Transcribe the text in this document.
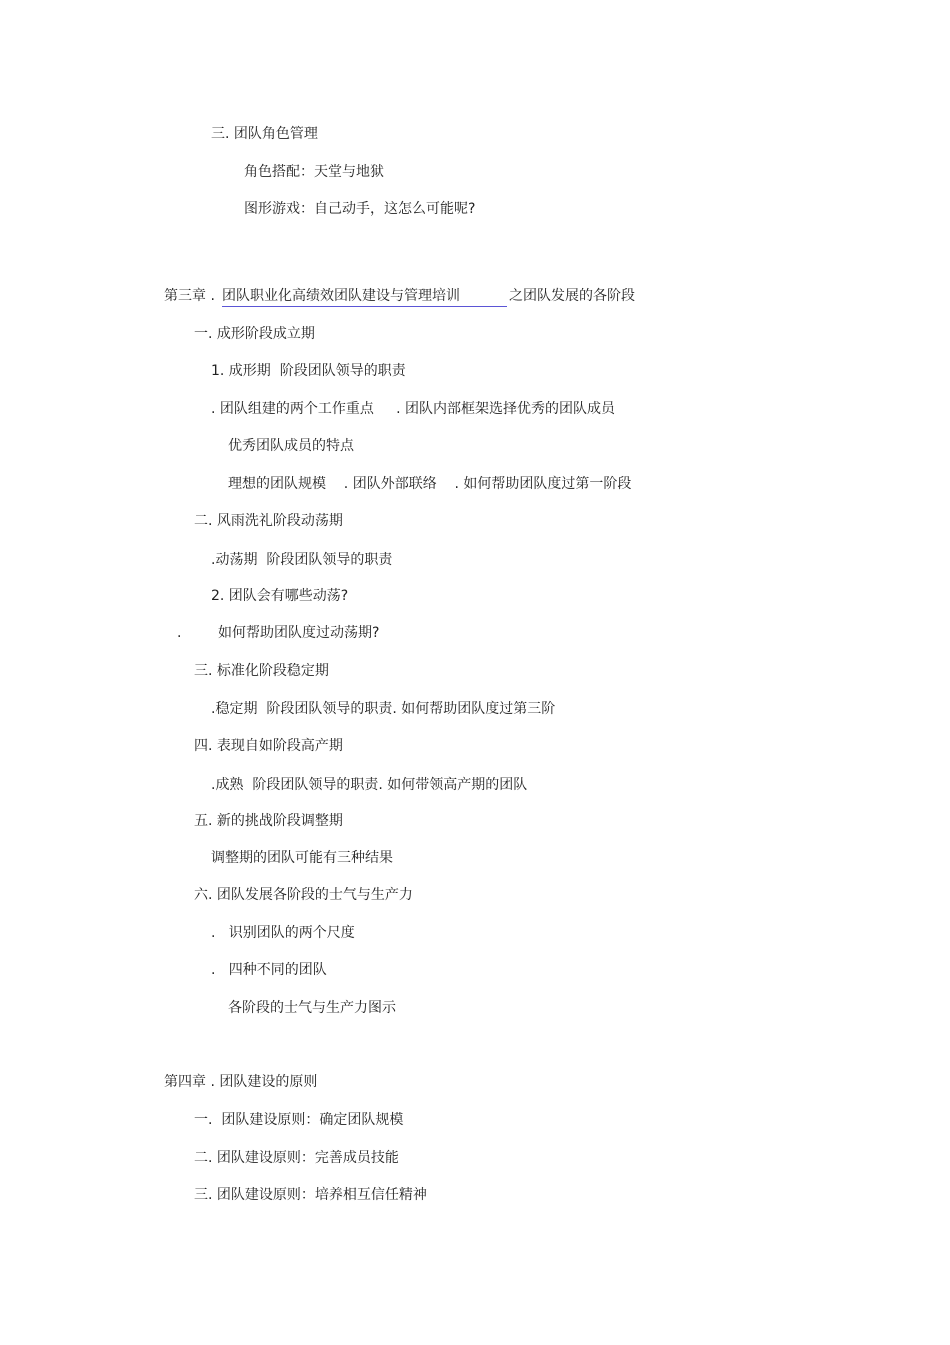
三. 团队角色管理
角色搭配：天堂与地狱
图形游戏：自己动手，这怎么可能呢?
第三章 . 团队职业化高绩效团队建设与管理培训	之团队发展的各阶段
一. 成形阶段成立期
1. 成形期  阶段团队领导的职责
. 团队组建的两个工作重点     . 团队内部框架选择优秀的团队成员
优秀团队成员的特点
理想的团队规模    . 团队外部联络    . 如何帮助团队度过第一阶段
二. 风雨洗礼阶段动荡期
.动荡期  阶段团队领导的职责
2. 团队会有哪些动荡?
.	如何帮助团队度过动荡期?
三. 标准化阶段稳定期
.稳定期  阶段团队领导的职责. 如何帮助团队度过第三阶
四. 表现自如阶段高产期
.成熟  阶段团队领导的职责. 如何带领高产期的团队
五. 新的挑战阶段调整期
调整期的团队可能有三种结果
六. 团队发展各阶段的士气与生产力
.   识别团队的两个尺度
.   四种不同的团队
各阶段的士气与生产力图示
第四章 . 团队建设的原则
一.  团队建设原则：确定团队规模
二. 团队建设原则：完善成员技能
三. 团队建设原则：培养相互信任精神
